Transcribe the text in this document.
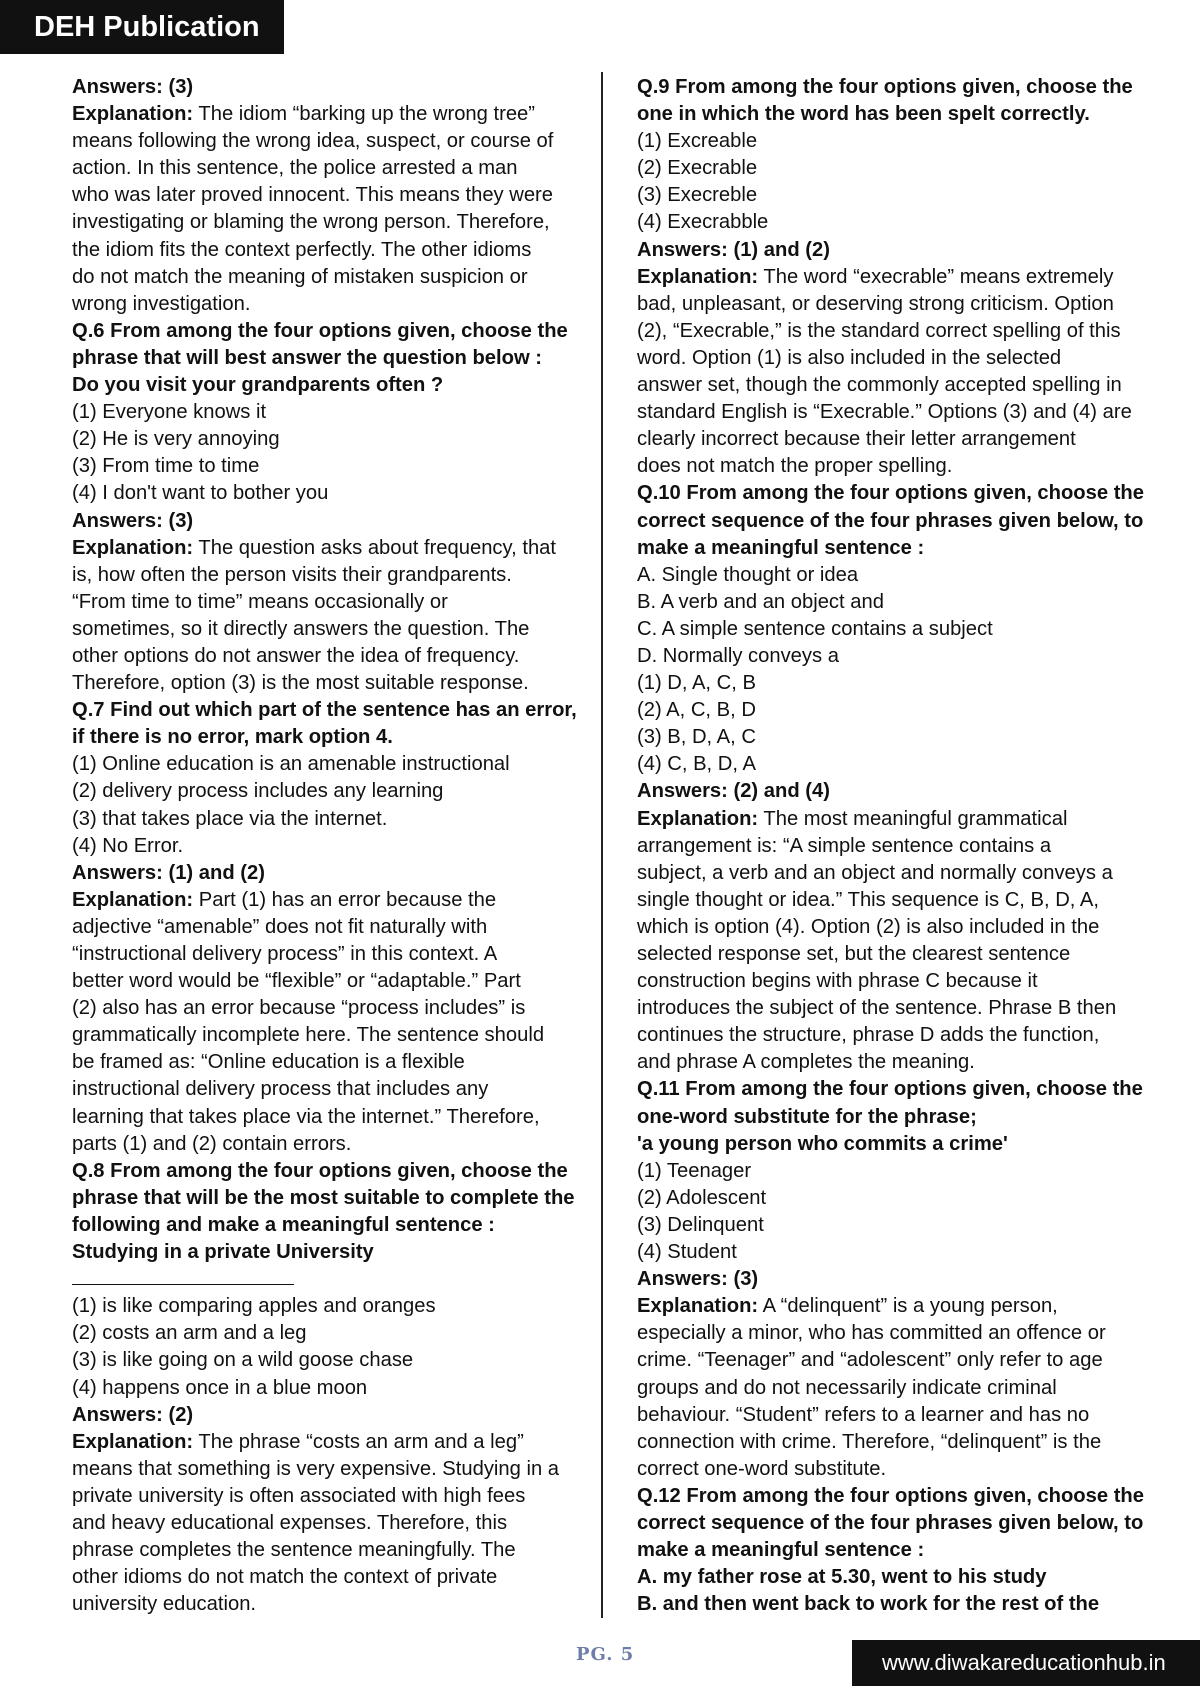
DEH Publication
Answers: (3)
Explanation: The idiom “barking up the wrong tree”
means following the wrong idea, suspect, or course of
action. In this sentence, the police arrested a man
who was later proved innocent. This means they were
investigating or blaming the wrong person. Therefore,
the idiom fits the context perfectly. The other idioms
do not match the meaning of mistaken suspicion or
wrong investigation.
Q.6 From among the four options given, choose the
phrase that will best answer the question below :
Do you visit your grandparents often ?
(1) Everyone knows it
(2) He is very annoying
(3) From time to time
(4) I don't want to bother you
Answers: (3)
Explanation: The question asks about frequency, that
is, how often the person visits their grandparents.
“From time to time” means occasionally or
sometimes, so it directly answers the question. The
other options do not answer the idea of frequency.
Therefore, option (3) is the most suitable response.
Q.7 Find out which part of the sentence has an error,
if there is no error, mark option 4.
(1) Online education is an amenable instructional
(2) delivery process includes any learning
(3) that takes place via the internet.
(4) No Error.
Answers: (1) and (2)
Explanation: Part (1) has an error because the
adjective “amenable” does not fit naturally with
“instructional delivery process” in this context. A
better word would be “flexible” or “adaptable.” Part
(2) also has an error because “process includes” is
grammatically incomplete here. The sentence should
be framed as: “Online education is a flexible
instructional delivery process that includes any
learning that takes place via the internet.” Therefore,
parts (1) and (2) contain errors.
Q.8 From among the four options given, choose the
phrase that will be the most suitable to complete the
following and make a meaningful sentence :
Studying in a private University
(1) is like comparing apples and oranges
(2) costs an arm and a leg
(3) is like going on a wild goose chase
(4) happens once in a blue moon
Answers: (2)
Explanation: The phrase “costs an arm and a leg”
means that something is very expensive. Studying in a
private university is often associated with high fees
and heavy educational expenses. Therefore, this
phrase completes the sentence meaningfully. The
other idioms do not match the context of private
university education.
Q.9 From among the four options given, choose the
one in which the word has been spelt correctly.
(1) Excreable
(2) Execrable
(3) Execreble
(4) Execrabble
Answers: (1) and (2)
Explanation: The word “execrable” means extremely
bad, unpleasant, or deserving strong criticism. Option
(2), “Execrable,” is the standard correct spelling of this
word. Option (1) is also included in the selected
answer set, though the commonly accepted spelling in
standard English is “Execrable.” Options (3) and (4) are
clearly incorrect because their letter arrangement
does not match the proper spelling.
Q.10 From among the four options given, choose the
correct sequence of the four phrases given below, to
make a meaningful sentence :
A. Single thought or idea
B. A verb and an object and
C. A simple sentence contains a subject
D. Normally conveys a
(1) D, A, C, B
(2) A, C, B, D
(3) B, D, A, C
(4) C, B, D, A
Answers: (2) and (4)
Explanation: The most meaningful grammatical
arrangement is: “A simple sentence contains a
subject, a verb and an object and normally conveys a
single thought or idea.” This sequence is C, B, D, A,
which is option (4). Option (2) is also included in the
selected response set, but the clearest sentence
construction begins with phrase C because it
introduces the subject of the sentence. Phrase B then
continues the structure, phrase D adds the function,
and phrase A completes the meaning.
Q.11 From among the four options given, choose the
one-word substitute for the phrase;
'a young person who commits a crime'
(1) Teenager
(2) Adolescent
(3) Delinquent
(4) Student
Answers: (3)
Explanation: A “delinquent” is a young person,
especially a minor, who has committed an offence or
crime. “Teenager” and “adolescent” only refer to age
groups and do not necessarily indicate criminal
behaviour. “Student” refers to a learner and has no
connection with crime. Therefore, “delinquent” is the
correct one-word substitute.
Q.12 From among the four options given, choose the
correct sequence of the four phrases given below, to
make a meaningful sentence :
A. my father rose at 5.30, went to his study
B. and then went back to work for the rest of the
PG. 5	www.diwakareducationhub.in
